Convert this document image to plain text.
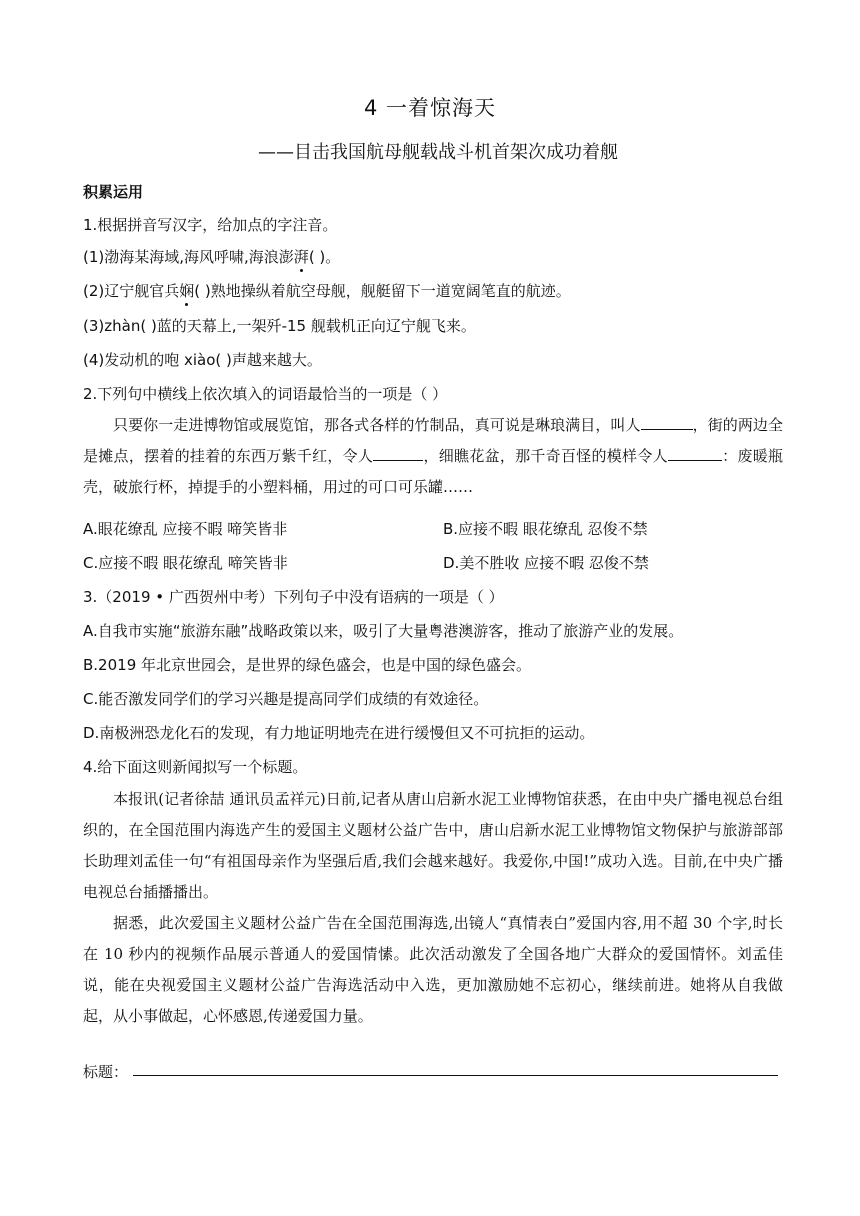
4 一着惊海天
——目击我国航母舰载战斗机首架次成功着舰
积累运用
1.根据拼音写汉字，给加点的字注音。
(1)渤海某海域,海风呼啸,海浪澎湃( )。
(2)辽宁舰官兵娴( )熟地操纵着航空母舰，舰艇留下一道宽阔笔直的航迹。
(3)zhàn( )蓝的天幕上,一架歼-15 舰载机正向辽宁舰飞来。
(4)发动机的咆 xiào( )声越来越大。
2.下列句中横线上依次填入的词语最恰当的一项是（ ）
只要你一走进博物馆或展览馆，那各式各样的竹制品，真可说是琳琅满目，叫人	，街的两边全是摊点，摆着的挂着的东西万紫千红，令人	，细瞧花盆，那千奇百怪的模样令人	：废暖瓶壳，破旅行杯，掉提手的小塑料桶，用过的可口可乐罐……
A.眼花缭乱 应接不暇 啼笑皆非	B.应接不暇 眼花缭乱 忍俊不禁
C.应接不暇 眼花缭乱 啼笑皆非	D.美不胜收 应接不暇 忍俊不禁
3.（2019 • 广西贺州中考）下列句子中没有语病的一项是（ ）
A.自我市实施“旅游东融”战略政策以来，吸引了大量粤港澳游客，推动了旅游产业的发展。
B.2019 年北京世园会，是世界的绿色盛会，也是中国的绿色盛会。
C.能否激发同学们的学习兴趣是提高同学们成绩的有效途径。
D.南极洲恐龙化石的发现，有力地证明地壳在进行缓慢但又不可抗拒的运动。
4.给下面这则新闻拟写一个标题。
本报讯(记者徐喆 通讯员孟祥元)日前,记者从唐山启新水泥工业博物馆获悉，在由中央广播电视总台组织的，在全国范围内海选产生的爱国主义题材公益广告中，唐山启新水泥工业博物馆文物保护与旅游部部长助理刘孟佳一句“有祖国母亲作为坚强后盾,我们会越来越好。我爱你,中国!”成功入选。目前,在中央广播电视总台插播播出。
据悉，此次爱国主义题材公益广告在全国范围海选,出镜人“真情表白”爱国内容,用不超 30 个字,时长在 10 秒内的视频作品展示普通人的爱国情愫。此次活动激发了全国各地广大群众的爱国情怀。刘孟佳说，能在央视爱国主义题材公益广告海选活动中入选，更加激励她不忘初心，继续前进。她将从自我做起，从小事做起，心怀感恩,传递爱国力量。
标题：
